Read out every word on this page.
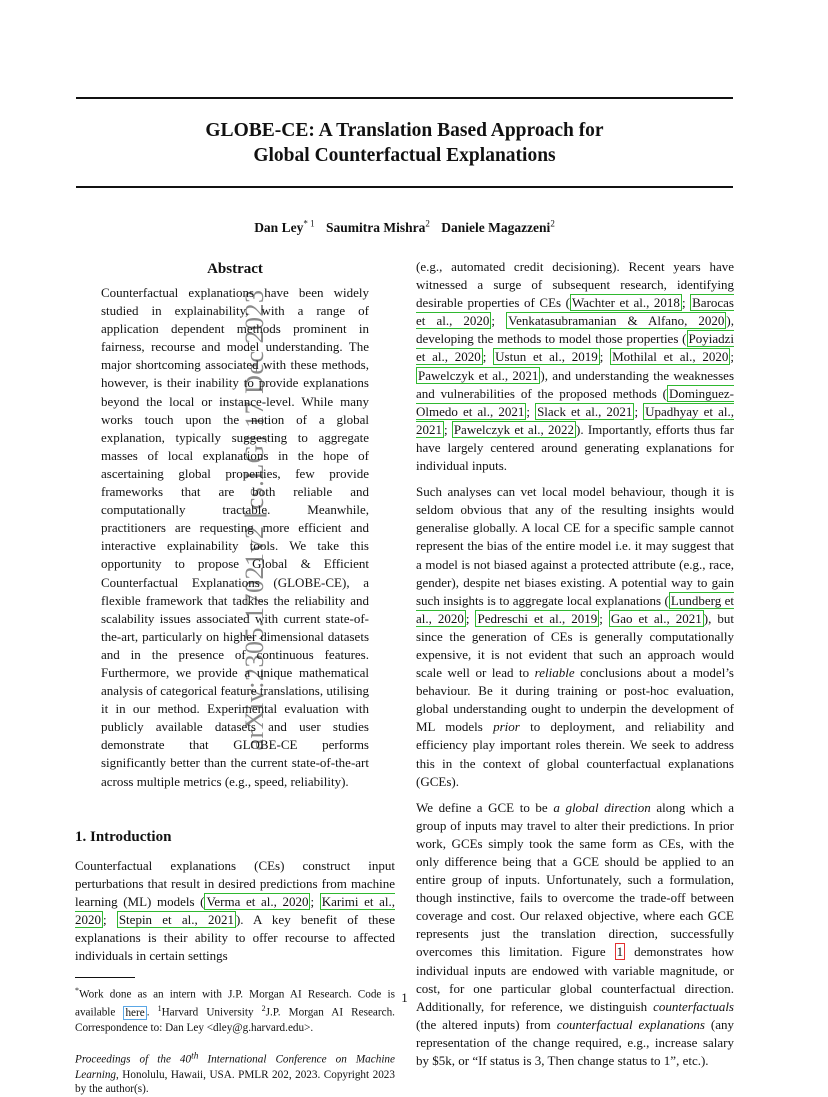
GLOBE-CE: A Translation Based Approach for
Global Counterfactual Explanations
Dan Ley$^{* 1}$ Saumitra Mishra$^2$ Daniele Magazzeni$^2$
arXiv:2305.17021v2 [cs.LG] 17 Dec 2023
Abstract

Counterfactual explanations have been widely studied in explainability, with a range of application dependent methods prominent in fairness, recourse and model understanding. The major shortcoming associated with these methods, however, is their inability to provide explanations beyond the local or instance-level. While many works touch upon the notion of a global explanation, typically suggesting to aggregate masses of local explanations in the hope of ascertaining global properties, few provide frameworks that are both reliable and computationally tractable. Meanwhile, practitioners are requesting more efficient and interactive explainability tools. We take this opportunity to propose Global & Efficient Counterfactual Explanations (GLOBE-CE), a flexible framework that tackles the reliability and scalability issues associated with current state-of-the-art, particularly on higher dimensional datasets and in the presence of continuous features. Furthermore, we provide a unique mathematical analysis of categorical feature translations, utilising it in our method. Experimental evaluation with publicly available datasets and user studies demonstrate that GLOBE-CE performs significantly better than the current state-of-the-art across multiple metrics (e.g., speed, reliability).

1. Introduction

Counterfactual explanations (CEs) construct input perturbations that result in desired predictions from machine learning (ML) models ( Verma et al., 2020 ; Karimi et al., 2020 ; Stepin et al., 2021 ). A key benefit of these explanations is their ability to offer recourse to affected individuals in certain settings

*Work done as an intern with J.P. Morgan AI Research. Code is available here . $^1$Harvard University $^2$J.P. Morgan AI Research. Correspondence to: Dan Ley <dley@g.harvard.edu>.

Proceedings of the 40th International Conference on Machine Learning, Honolulu, Hawaii, USA. PMLR 202, 2023. Copyright 2023 by the author(s).

(e.g., automated credit decisioning). Recent years have witnessed a surge of subsequent research, identifying desirable properties of CEs ( Wachter et al., 2018 ; Barocas et al., 2020 ; Venkatasubramanian & Alfano, 2020 ), developing the methods to model those properties ( Poyiadzi et al., 2020 ; Ustun et al., 2019 ; Mothilal et al., 2020 ; Pawelczyk et al., 2021 ), and understanding the weaknesses and vulnerabilities of the proposed methods ( Dominguez-Olmedo et al., 2021 ; Slack et al., 2021 ; Upadhyay et al., 2021 ; Pawelczyk et al., 2022 ). Importantly, efforts thus far have largely centered around generating explanations for individual inputs.

Such analyses can vet local model behaviour, though it is seldom obvious that any of the resulting insights would generalise globally. A local CE for a specific sample cannot represent the bias of the entire model i.e. it may suggest that a model is not biased against a protected attribute (e.g., race, gender), despite net biases existing. A potential way to gain such insights is to aggregate local explanations ( Lundberg et al., 2020 ; Pedreschi et al., 2019 ; Gao et al., 2021 ), but since the generation of CEs is generally computationally expensive, it is not evident that such an approach would scale well or lead to reliable conclusions about a model’s behaviour. Be it during training or post-hoc evaluation, global understanding ought to underpin the development of ML models prior to deployment, and reliability and efficiency play important roles therein. We seek to address this in the context of global counterfactual explanations (GCEs).

We define a GCE to be a global direction along which a group of inputs may travel to alter their predictions. In prior work, GCEs simply took the same form as CEs, with the only difference being that a GCE should be applied to an entire group of inputs. Unfortunately, such a formulation, though instinctive, fails to overcome the trade-off between coverage and cost. Our relaxed objective, where each GCE represents just the translation direction, successfully overcomes this limitation. Figure 1 demonstrates how individual inputs are endowed with variable magnitude, or cost, for one particular global counterfactual direction. Additionally, for reference, we distinguish counterfactuals (the altered inputs) from counterfactual explanations (any representation of the change required, e.g., increase salary by $5k, or “If status is 3, Then change status to 1”, etc.).

1
